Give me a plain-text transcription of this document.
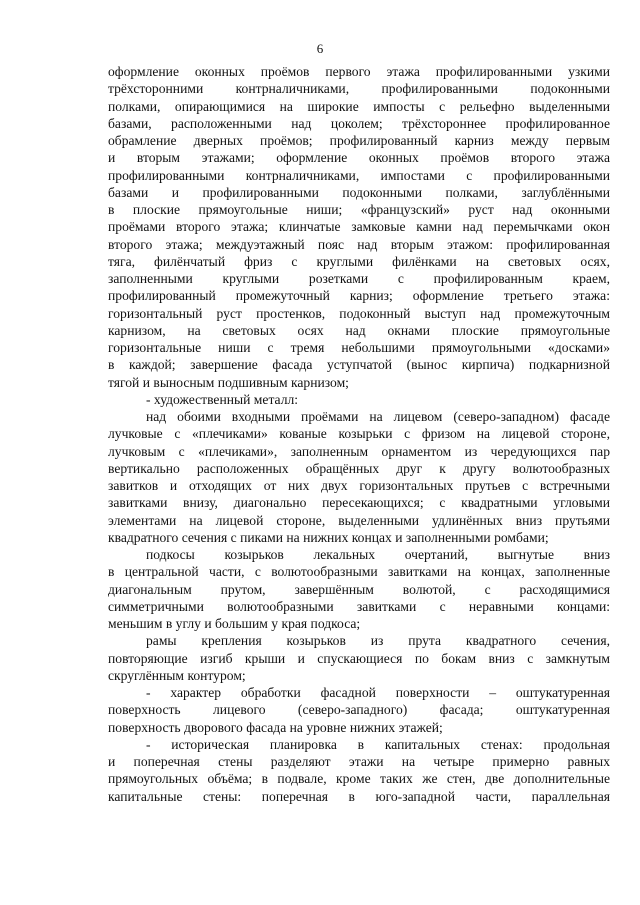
6
оформление оконных проёмов первого этажа профилированными узкими
трёхсторонними контрналичниками, профилированными подоконными
полками, опирающимися на широкие импосты с рельефно выделенными
базами, расположенными над цоколем; трёхстороннее профилированное
обрамление дверных проёмов; профилированный карниз между первым
и вторым этажами; оформление оконных проёмов второго этажа
профилированными контрналичниками, импостами с профилированными
базами и профилированными подоконными полками, заглублёнными
в плоские прямоугольные ниши; «французский» руст над оконными
проёмами второго этажа; клинчатые замковые камни над перемычками окон
второго этажа; междуэтажный пояс над вторым этажом: профилированная
тяга, филёнчатый фриз с круглыми филёнками на световых осях,
заполненными круглыми розетками с профилированным краем,
профилированный промежуточный карниз; оформление третьего этажа:
горизонтальный руст простенков, подоконный выступ над промежуточным
карнизом, на световых осях над окнами плоские прямоугольные
горизонтальные ниши с тремя небольшими прямоугольными «досками»
в каждой; завершение фасада уступчатой (вынос кирпича) подкарнизной
тягой и выносным подшивным карнизом;
- художественный металл:
над обоими входными проёмами на лицевом (северо-западном) фасаде
лучковые с «плечиками» кованые козырьки с фризом на лицевой стороне,
лучковым с «плечиками», заполненным орнаментом из чередующихся пар
вертикально расположенных обращённых друг к другу волютообразных
завитков и отходящих от них двух горизонтальных прутьев с встречными
завитками внизу, диагонально пересекающихся; с квадратными угловыми
элементами на лицевой стороне, выделенными удлинённых вниз прутьями
квадратного сечения с пиками на нижних концах и заполненными ромбами;
подкосы козырьков лекальных очертаний, выгнутые вниз
в центральной части, с волютообразными завитками на концах, заполненные
диагональным прутом, завершённым волютой, с расходящимися
симметричными волютообразными завитками с неравными концами:
меньшим в углу и большим у края подкоса;
рамы крепления козырьков из прута квадратного сечения,
повторяющие изгиб крыши и спускающиеся по бокам вниз с замкнутым
скруглённым контуром;
- характер обработки фасадной поверхности – оштукатуренная
поверхность лицевого (северо-западного) фасада; оштукатуренная
поверхность дворового фасада на уровне нижних этажей;
- историческая планировка в капитальных стенах: продольная
и поперечная стены разделяют этажи на четыре примерно равных
прямоугольных объёма; в подвале, кроме таких же стен, две дополнительные
капитальные стены: поперечная в юго-западной части, параллельная
